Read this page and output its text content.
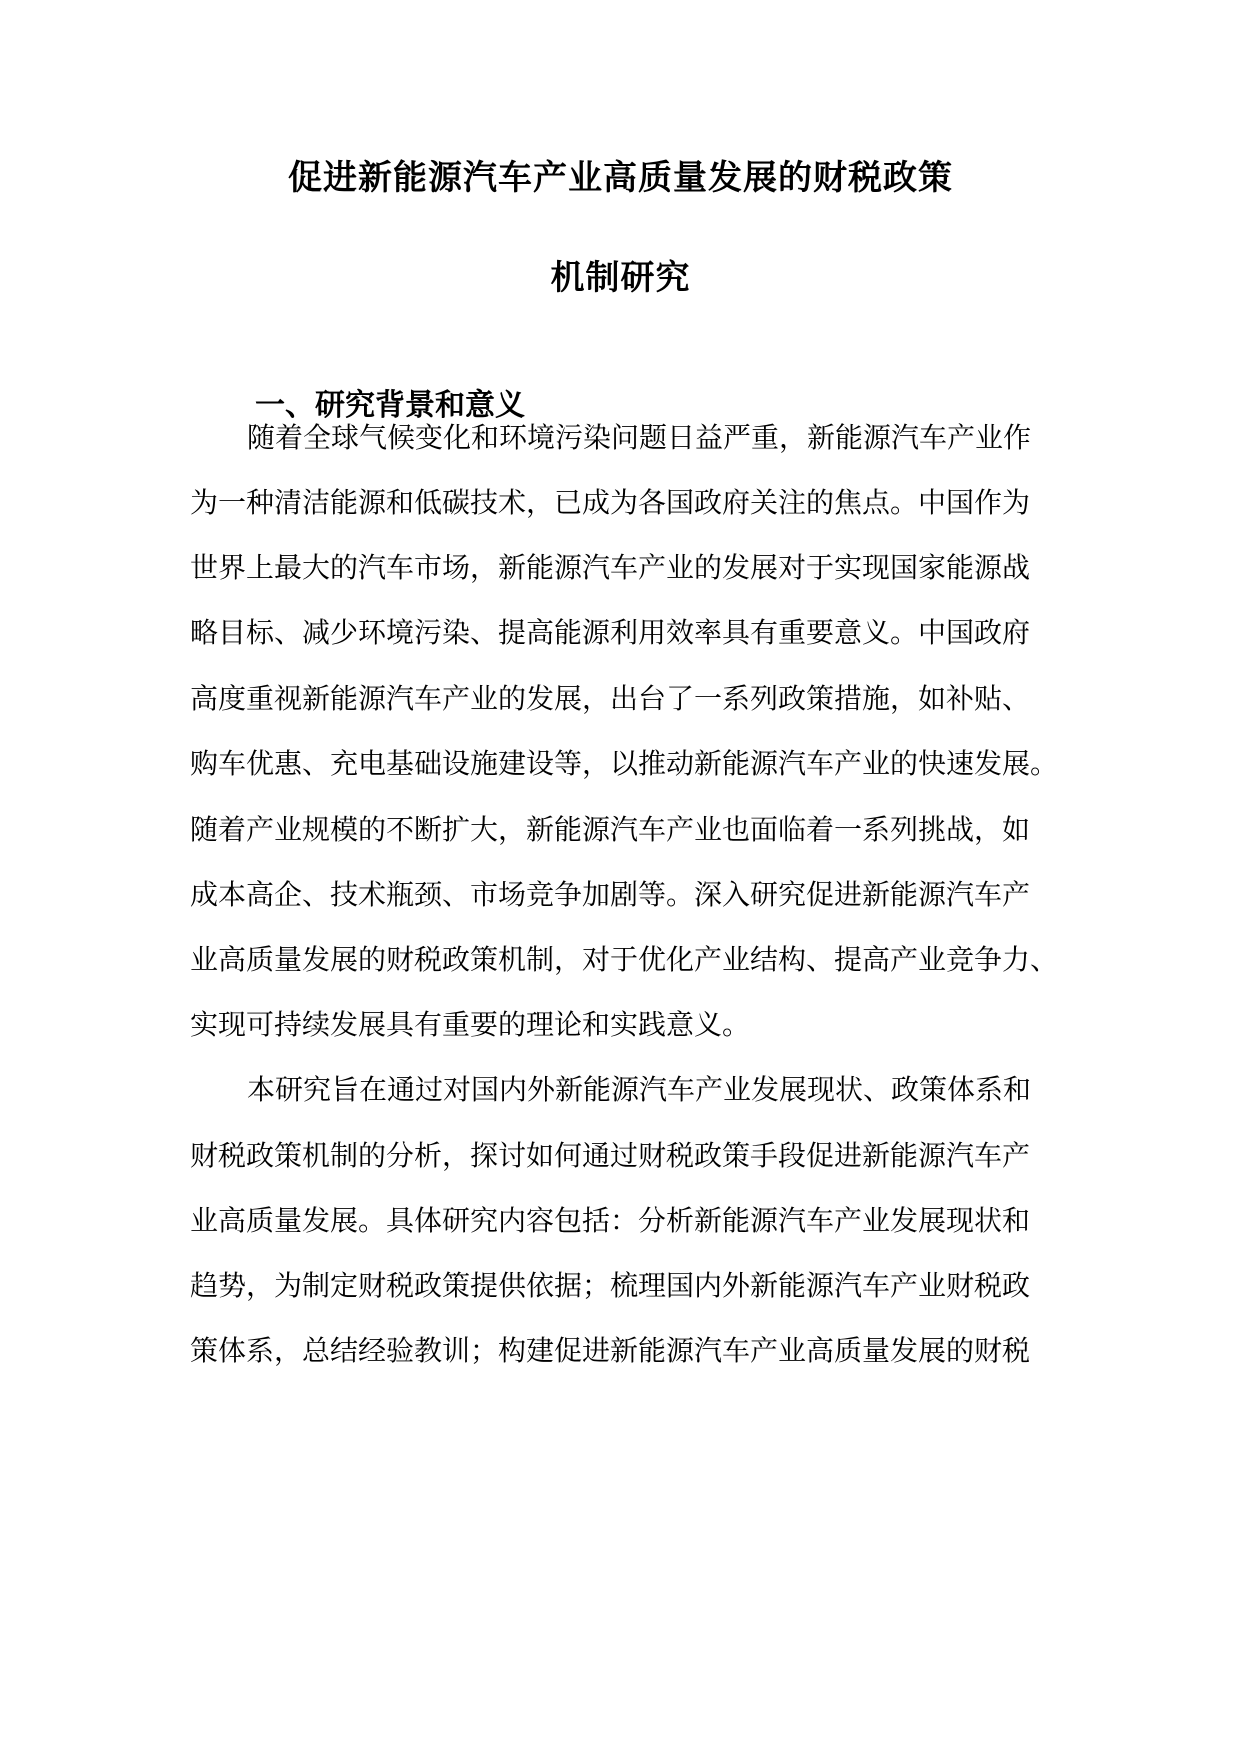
促进新能源汽车产业高质量发展的财税政策
机制研究
一、研究背景和意义
随着全球气候变化和环境污染问题日益严重，新能源汽车产业作
为一种清洁能源和低碳技术，已成为各国政府关注的焦点。中国作为
世界上最大的汽车市场，新能源汽车产业的发展对于实现国家能源战
略目标、减少环境污染、提高能源利用效率具有重要意义。中国政府
高度重视新能源汽车产业的发展，出台了一系列政策措施，如补贴、
购车优惠、充电基础设施建设等，以推动新能源汽车产业的快速发展。
随着产业规模的不断扩大，新能源汽车产业也面临着一系列挑战，如
成本高企、技术瓶颈、市场竞争加剧等。深入研究促进新能源汽车产
业高质量发展的财税政策机制，对于优化产业结构、提高产业竞争力、
实现可持续发展具有重要的理论和实践意义。
本研究旨在通过对国内外新能源汽车产业发展现状、政策体系和
财税政策机制的分析，探讨如何通过财税政策手段促进新能源汽车产
业高质量发展。具体研究内容包括：分析新能源汽车产业发展现状和
趋势，为制定财税政策提供依据；梳理国内外新能源汽车产业财税政
策体系，总结经验教训；构建促进新能源汽车产业高质量发展的财税
